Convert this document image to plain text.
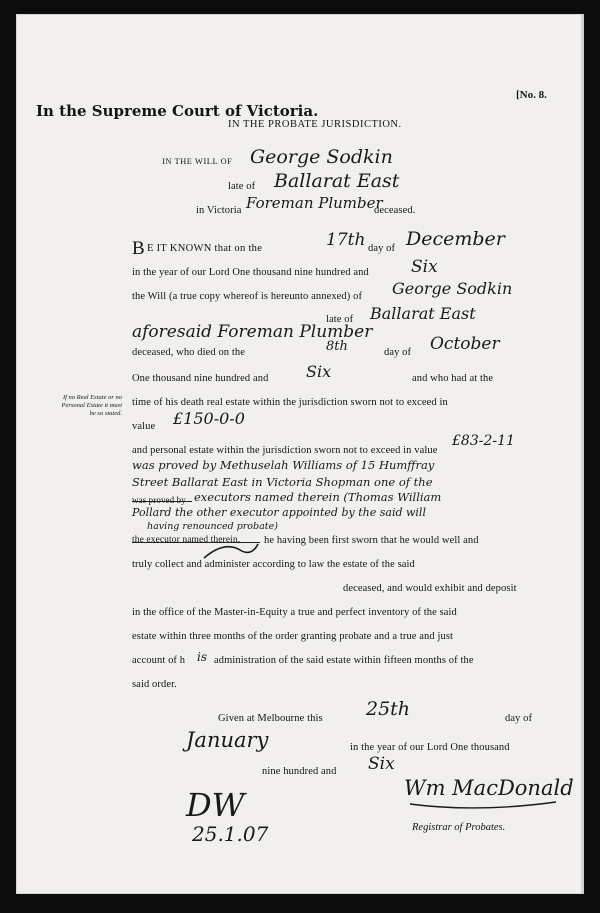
In the Supreme Court of Victoria.
[No. 8.
IN THE PROBATE JURISDICTION.
IN THE WILL OF George Sodkin
late of Ballarat East
in Victoria Foreman Plumber
deceased.
B E IT KNOWN that on the	17th day of December
in the year of our Lord One thousand nine hundred and Six
the Will (a true copy whereof is hereunto annexed) of George Sodkin
late of Ballarat East
aforesaid Foreman Plumber
deceased, who died on the	8th	day of October
One thousand nine hundred and Six	and who had at the
If no Real Estate or no Personal Estate it must be so stated.
time of his death real estate within the jurisdiction sworn not to exceed in
value £150-0-0
and personal estate within the jurisdiction sworn not to exceed in value
£83-2-11
was proved by Methuselah Williams of 15 Humffray
Street Ballarat East in Victoria Shopman one of the
was proved by executors named therein (Thomas William
Pollard the other executor appointed by the said will
having renounced probate)
the executor named therein, he having been first sworn that he would well and
truly collect and administer according to law the estate of the said
deceased, and would exhibit and deposit
in the office of the Master-in-Equity a true and perfect inventory of the said
estate within three months of the order granting probate and a true and just
account of h is administration of the said estate within fifteen months of the
said order.
Given at Melbourne this 25th	day of
January	in the year of our Lord One thousand
nine hundred and Six
DW
25.1.07
Wm MacDonald
Registrar of Probates.
